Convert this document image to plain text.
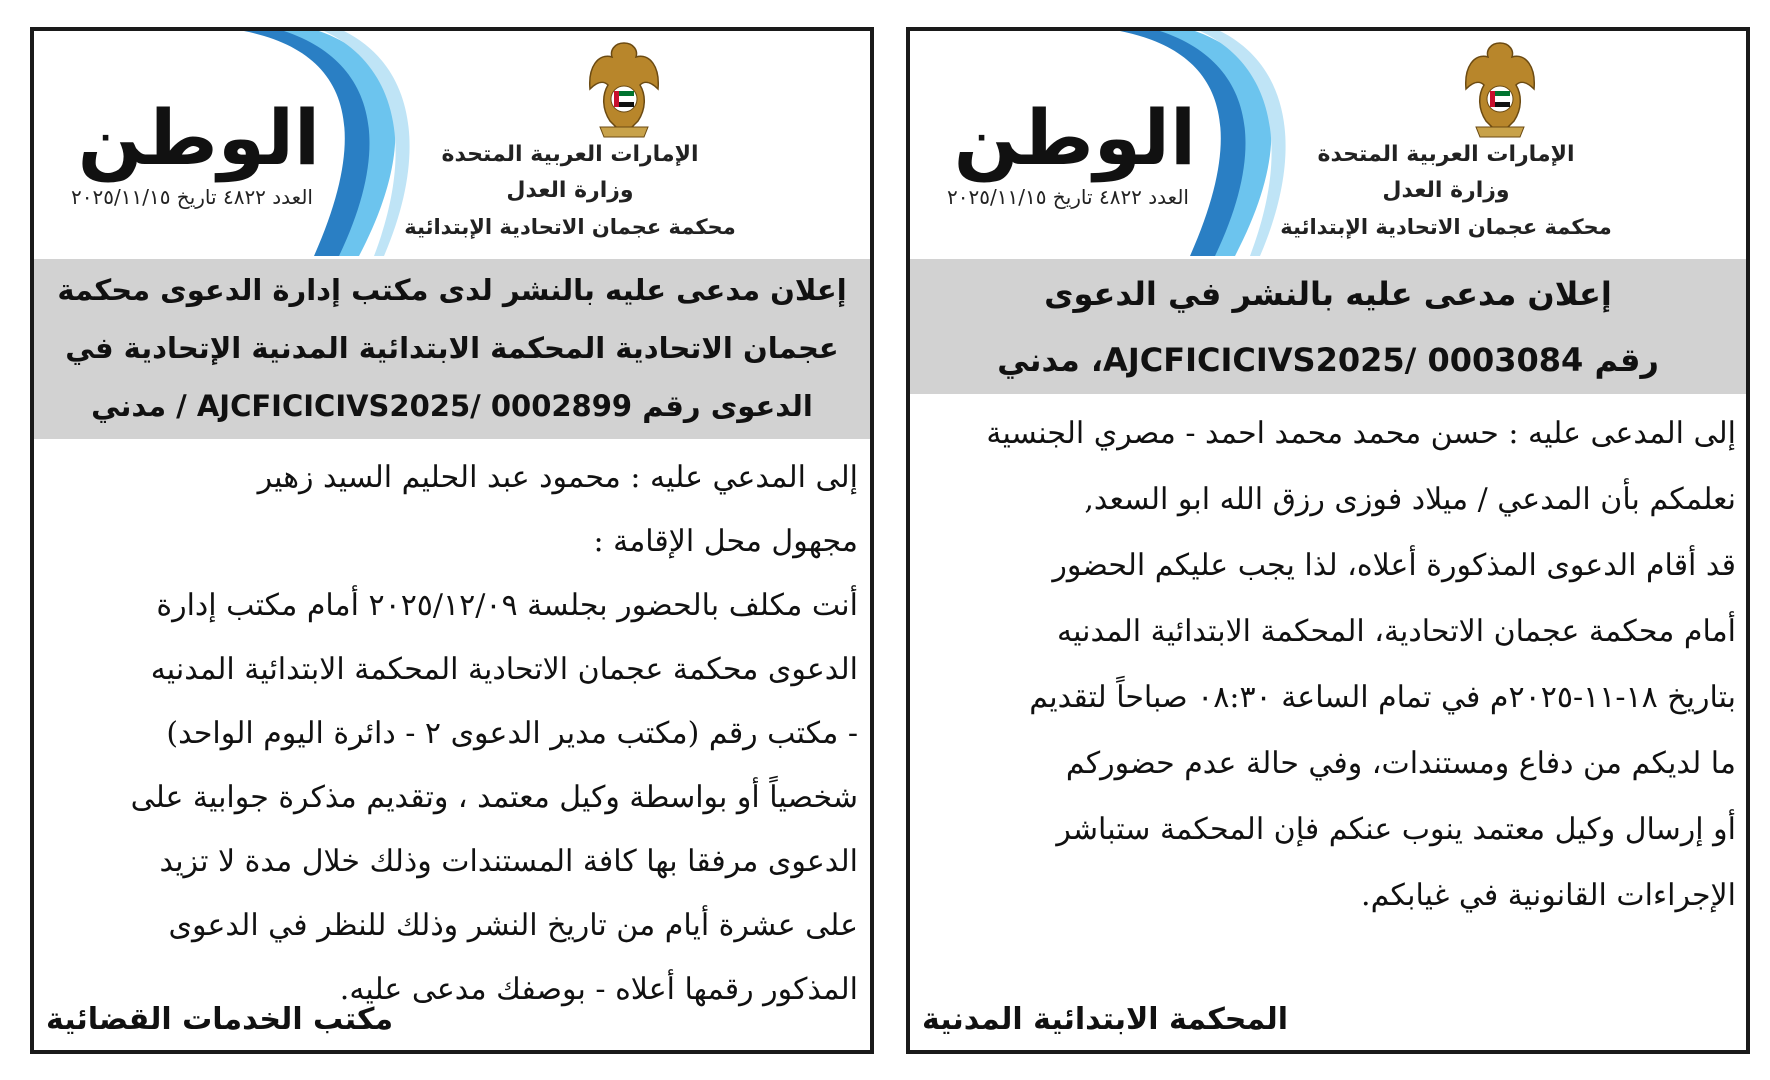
الإمارات العربية المتحدة
وزارة العدل
محكمة عجمان الاتحادية الإبتدائية
الوطن
العدد ٤٨٢٢ تاريخ ٢٠٢٥/١١/١٥
إعلان مدعى عليه بالنشر لدى مكتب إدارة الدعوى محكمة
عجمان الاتحادية المحكمة الابتدائية المدنية الإتحادية في
الدعوى رقم AJCFICICIVS2025/ 0002899 / مدني
إلى المدعي عليه : محمود عبد الحليم السيد زهير
مجهول محل الإقامة :
أنت مكلف بالحضور بجلسة ٢٠٢٥/١٢/٠٩ أمام مكتب إدارة
الدعوى محكمة عجمان الاتحادية المحكمة الابتدائية المدنيه
- مكتب رقم (مكتب مدير الدعوى ٢ - دائرة اليوم الواحد)
شخصياً أو بواسطة وكيل معتمد ، وتقديم مذكرة جوابية على
الدعوى مرفقا بها كافة المستندات وذلك خلال مدة لا تزيد
على عشرة أيام من تاريخ النشر وذلك للنظر في الدعوى
المذكور رقمها أعلاه - بوصفك مدعى عليه.
مكتب الخدمات القضائية
الإمارات العربية المتحدة
وزارة العدل
محكمة عجمان الاتحادية الإبتدائية
الوطن
العدد ٤٨٢٢ تاريخ ٢٠٢٥/١١/١٥
إعلان مدعى عليه بالنشر في الدعوى
رقم AJCFICICIVS2025/ 0003084، مدني
إلى المدعى عليه : حسن محمد محمد احمد - مصري الجنسية
نعلمكم بأن المدعي / ميلاد فوزى رزق الله ابو السعد,
قد أقام الدعوى المذكورة أعلاه، لذا يجب عليكم الحضور
أمام محكمة عجمان الاتحادية، المحكمة الابتدائية المدنيه
بتاريخ ١٨-١١-٢٠٢٥م في تمام الساعة ٠٨:٣٠ صباحاً لتقديم
ما لديكم من دفاع ومستندات، وفي حالة عدم حضوركم
أو إرسال وكيل معتمد ينوب عنكم فإن المحكمة ستباشر
الإجراءات القانونية في غيابكم.
المحكمة الابتدائية المدنية
